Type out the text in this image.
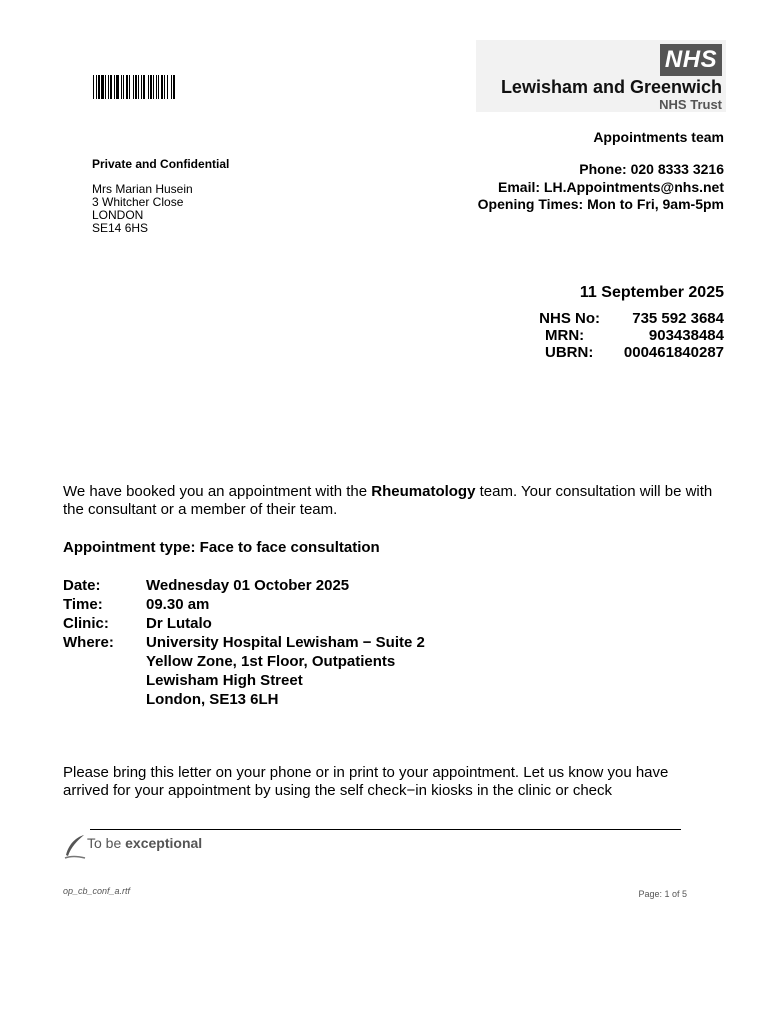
NHS
Lewisham and Greenwich
NHS Trust
Appointments team
Phone: 020 8333 3216
Email: LH.Appointments@nhs.net
Opening Times: Mon to Fri, 9am-5pm
Private and Confidential
Mrs Marian Husein
3 Whitcher Close
LONDON
SE14 6HS
11 September 2025
NHS No:	735 592 3684
MRN:	903438484
UBRN:	000461840287
We have booked you an appointment with the Rheumatology team. Your consultation will be with the consultant or a member of their team.
Appointment type: Face to face consultation
Date:	Wednesday 01 October 2025
Time:	09.30 am
Clinic:	Dr Lutalo
Where:	University Hospital Lewisham − Suite 2
Yellow Zone, 1st Floor, Outpatients
Lewisham High Street
London, SE13 6LH
Please bring this letter on your phone or in print to your appointment. Let us know you have arrived for your appointment by using the self check−in kiosks in the clinic or check
To be exceptional
op_cb_conf_a.rtf	Page: 1 of 5
